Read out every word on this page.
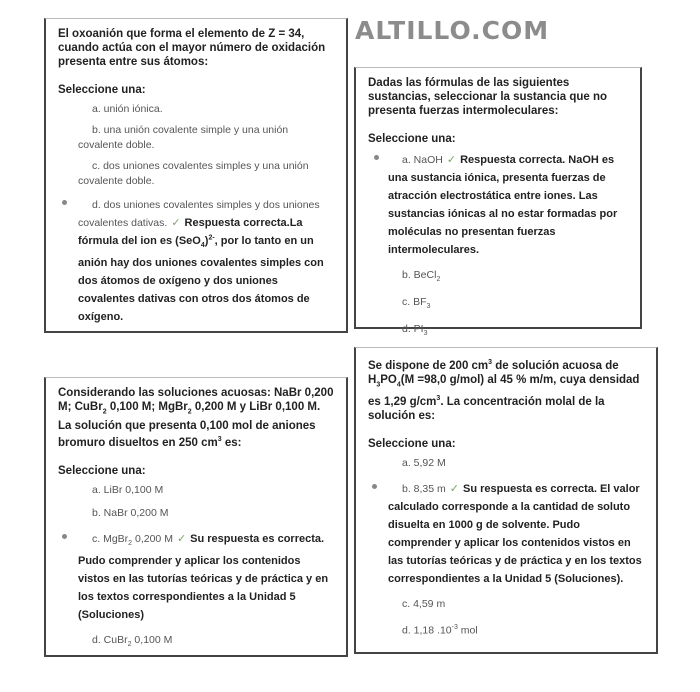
ALTILLO.COM
El oxoanión que forma el elemento de Z = 34, cuando actúa con el mayor número de oxidación presenta entre sus átomos:
Seleccione una:
a. unión iónica.
b. una unión covalente simple y una unión covalente doble.
c. dos uniones covalentes simples y una unión covalente doble.
d. dos uniones covalentes simples y dos uniones covalentes dativas. ✓ Respuesta correcta.La fórmula del ion es $(SeO_4)^{2-}$, por lo tanto en un anión hay dos uniones covalentes simples con dos átomos de oxígeno y dos uniones covalentes dativas con otros dos átomos de oxígeno.
Dadas las fórmulas de las siguientes sustancias, seleccionar la sustancia que no presenta fuerzas intermoleculares:
Seleccione una:
a. NaOH ✓ Respuesta correcta. NaOH es una sustancia iónica, presenta fuerzas de atracción electrostática entre iones. Las sustancias iónicas al no estar formadas por moléculas no presentan fuerzas intermoleculares.
b. BeCl$_2$
c. $BF_3$
d. $PI_3$
Considerando las soluciones acuosas: NaBr 0,200 M; CuBr$_2$ 0,100 M; MgBr$_2$ 0,200 M y LiBr 0,100 M. La solución que presenta 0,100 mol de aniones bromuro disueltos en 250 $cm^3$ es:
Seleccione una:
a. LiBr 0,100 M
b. NaBr 0,200 M
c. MgBr$_2$ 0,200 M ✓ Su respuesta es correcta. Pudo comprender y aplicar los contenidos vistos en las tutorías teóricas y de práctica y en los textos correspondientes a la Unidad 5 (Soluciones)
d. CuBr$_2$ 0,100 M
Se dispone de 200 $cm^3$ de solución acuosa de $H_3PO_4(M =98,0$ g/mol) al 45 % m/m, cuya densidad es 1,29 $g/cm^3$. La concentración molal de la solución es:
Seleccione una:
a. 5,92 M
b. 8,35 m ✓ Su respuesta es correcta. El valor calculado corresponde a la cantidad de soluto disuelta en 1000 g de solvente. Pudo comprender y aplicar los contenidos vistos en las tutorías teóricas y de práctica y en los textos correspondientes a la Unidad 5 (Soluciones).
c. 4,59 m
d. 1,18 $.10^{-3}$ mol
